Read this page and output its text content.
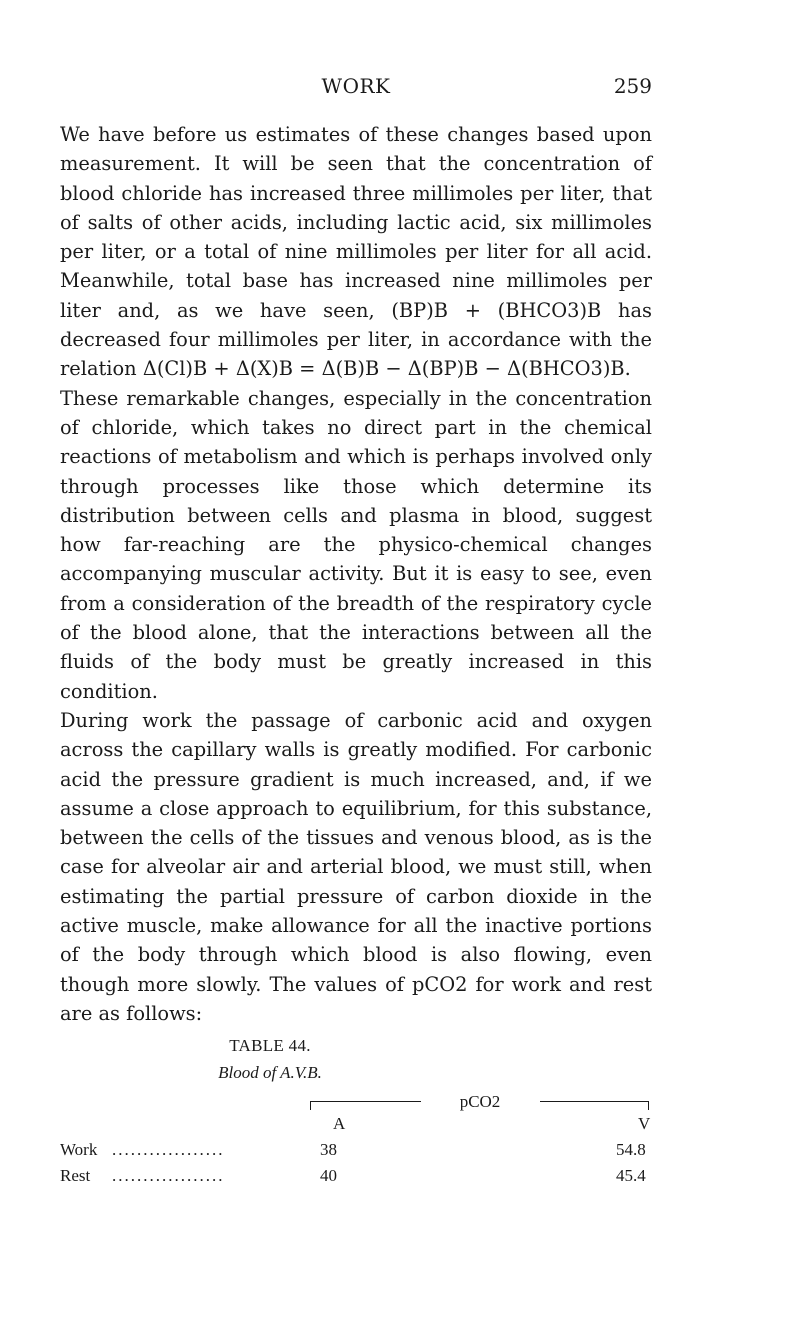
WORK	259

We have before us estimates of these changes based upon measurement. It will be seen that the concentration of blood chloride has increased three millimoles per liter, that of salts of other acids, including lactic acid, six millimoles per liter, or a total of nine millimoles per liter for all acid. Meanwhile, total base has increased nine millimoles per liter and, as we have seen, (BP)B + (BHCO3)B has decreased four millimoles per liter, in accordance with the relation Δ(Cl)B + Δ(X)B = Δ(B)B − Δ(BP)B − Δ(BHCO3)B.

These remarkable changes, especially in the concentration of chloride, which takes no direct part in the chemical reactions of metabolism and which is perhaps involved only through processes like those which determine its distribution between cells and plasma in blood, suggest how far-reaching are the physico-chemical changes accompanying muscular activity. But it is easy to see, even from a consideration of the breadth of the respiratory cycle of the blood alone, that the interactions between all the fluids of the body must be greatly increased in this condition.

During work the passage of carbonic acid and oxygen across the capillary walls is greatly modified. For carbonic acid the pressure gradient is much increased, and, if we assume a close approach to equilibrium, for this substance, between the cells of the tissues and venous blood, as is the case for alveolar air and arterial blood, we must still, when estimating the partial pressure of carbon dioxide in the active muscle, make allowance for all the inactive portions of the body through which blood is also flowing, even though more slowly. The values of pCO2 for work and rest are as follows:

TABLE 44.
Blood of A.V.B.
pCO2
A	V
Work ..................	38	54.8
Rest ..................	40	45.4
